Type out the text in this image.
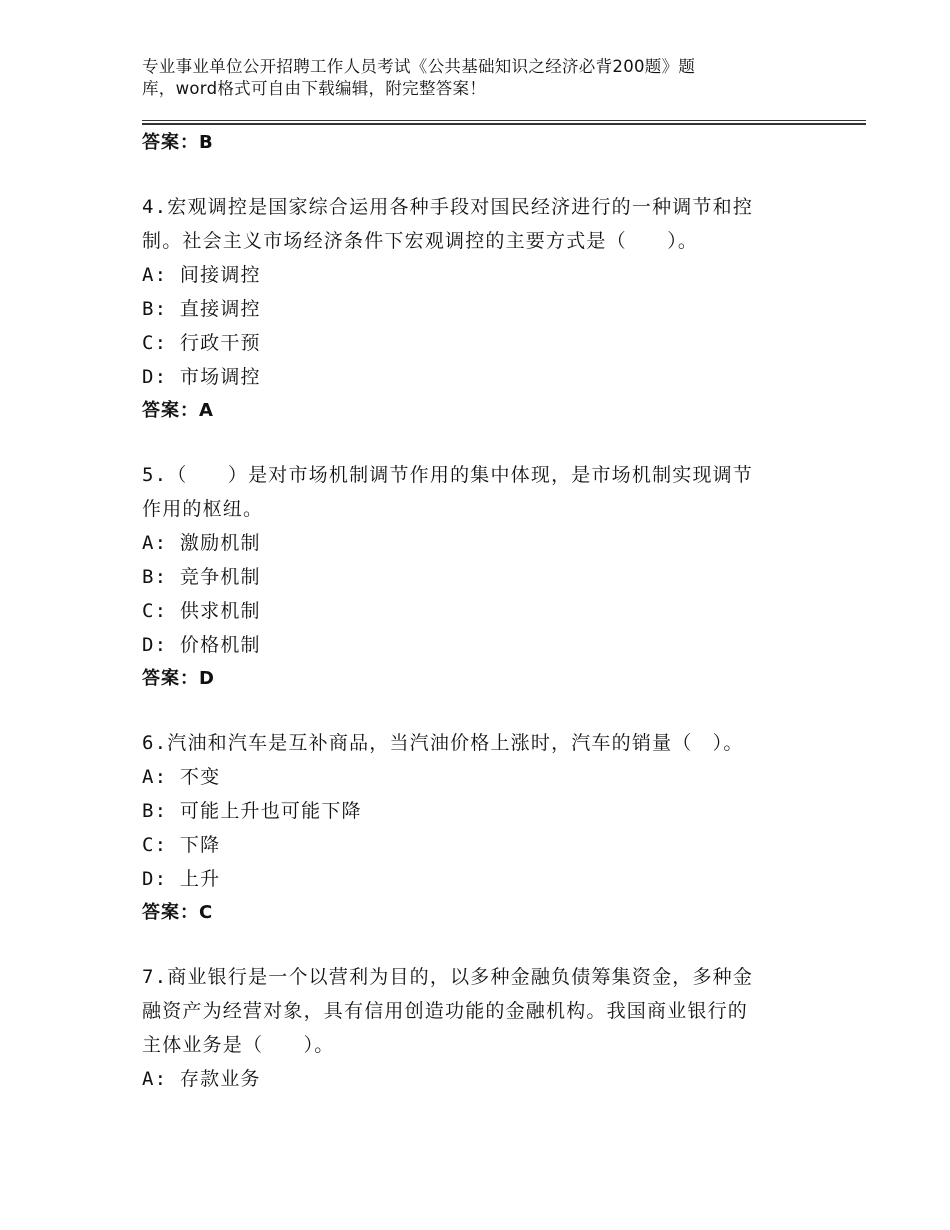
专业事业单位公开招聘工作人员考试《公共基础知识之经济必背200题》题
库，word格式可自由下载编辑，附完整答案！
答案：B
4.宏观调控是国家综合运用各种手段对国民经济进行的一种调节和控
制。社会主义市场经济条件下宏观调控的主要方式是（　　）。
A: 间接调控
B: 直接调控
C: 行政干预
D: 市场调控
答案：A
5.（　　）是对市场机制调节作用的集中体现，是市场机制实现调节
作用的枢纽。
A: 激励机制
B: 竞争机制
C: 供求机制
D: 价格机制
答案：D
6.汽油和汽车是互补商品，当汽油价格上涨时，汽车的销量（　）。
A: 不变
B: 可能上升也可能下降
C: 下降
D: 上升
答案：C
7.商业银行是一个以营利为目的，以多种金融负债筹集资金，多种金
融资产为经营对象，具有信用创造功能的金融机构。我国商业银行的
主体业务是（　　）。
A: 存款业务
